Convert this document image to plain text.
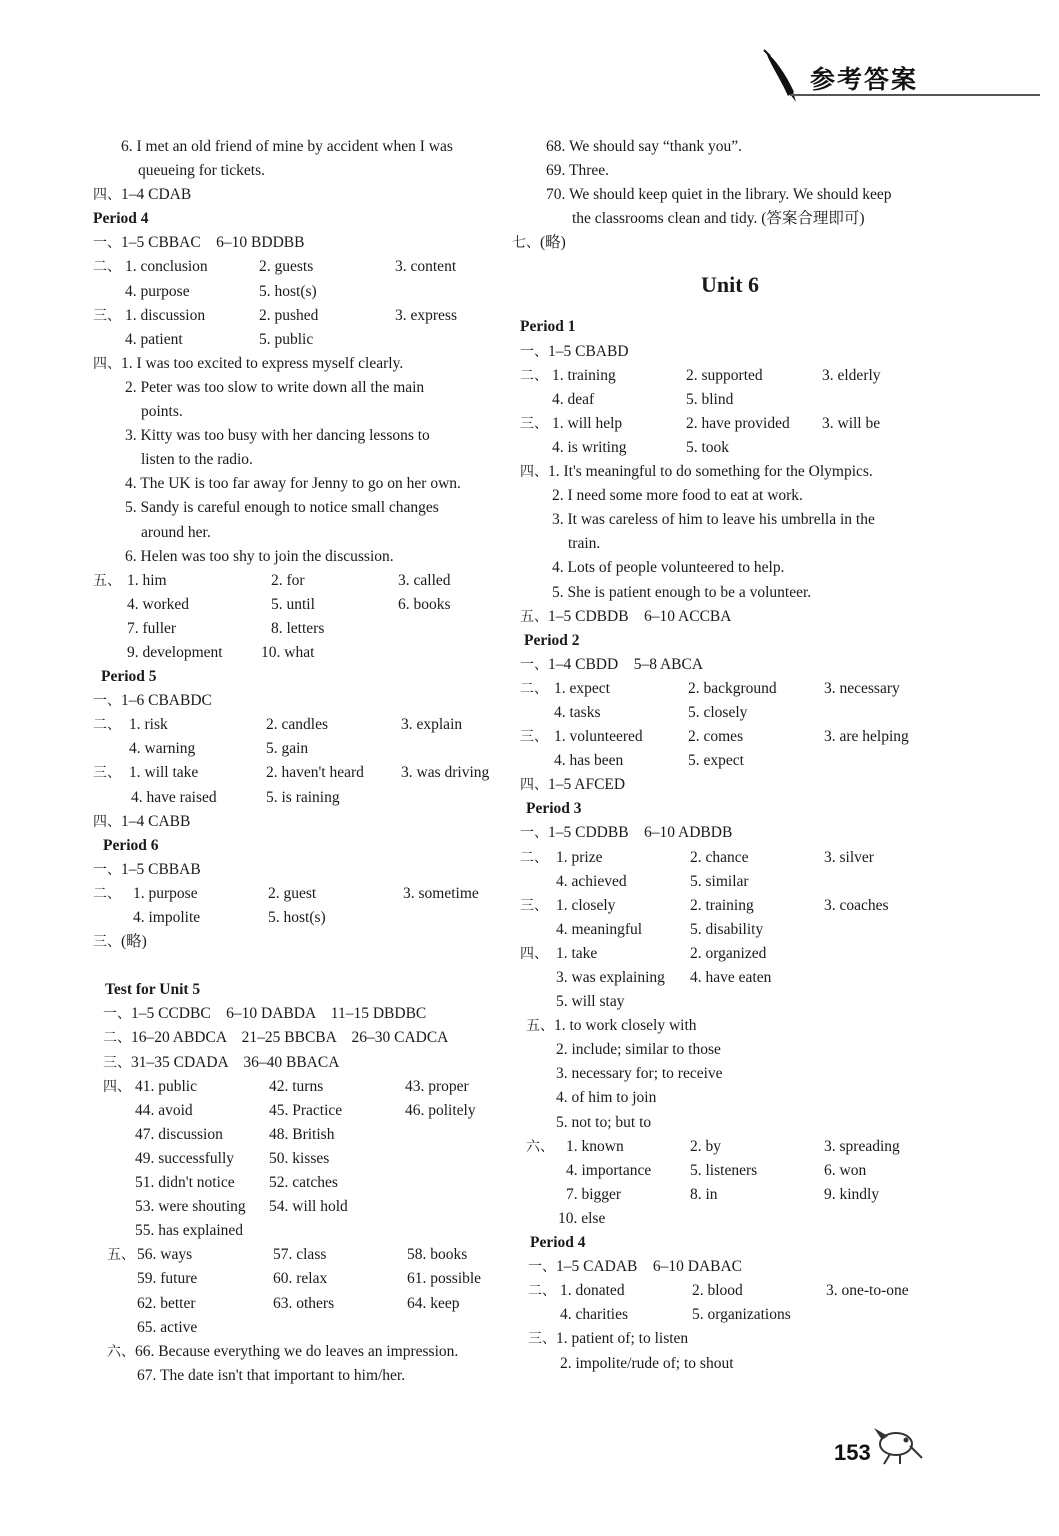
参考答案
6. I met an old friend of mine by accident when I was
queueing for tickets.
四、1–4 CDAB
Period 4
一、1–5 CBBAC    6–10 BDDBB
二、 1. conclusion	2. guests	3. content
4. purpose	5. host(s)
三、 1. discussion	2. pushed	3. express
4. patient	5. public
四、1. I was too excited to express myself clearly.
2. Peter was too slow to write down all the main
points.
3. Kitty was too busy with her dancing lessons to
listen to the radio.
4. The UK is too far away for Jenny to go on her own.
5. Sandy is careful enough to notice small changes
around her.
6. Helen was too shy to join the discussion.
五、 1. him	2. for	3. called
4. worked	5. until	6. books
7. fuller	8. letters
9. development 10. what
Period 5
一、1–6 CBABDC
二、 1. risk	2. candles	3. explain
4. warning	5. gain
三、 1. will take	2. haven't heard 3. was driving
4. have raised	5. is raining
四、1–4 CABB
Period 6
一、1–5 CBBAB
二、 1. purpose	2. guest	3. sometime
4. impolite	5. host(s)
三、(略)
Test for Unit 5
一、1–5 CCDBC    6–10 DABDA    11–15 DBDBC
二、16–20 ABDCA    21–25 BBCBA    26–30 CADCA
三、31–35 CDADA    36–40 BBACA
四、 41. public	42. turns	43. proper
44. avoid	45. Practice	46. politely
47. discussion	48. British
49. successfully 50. kisses
51. didn't notice 52. catches
53. were shouting 54. will hold
55. has explained
五、 56. ways	57. class	58. books
59. future	60. relax	61. possible
62. better	63. others	64. keep
65. active
六、66. Because everything we do leaves an impression.
67. The date isn't that important to him/her.
68. We should say “thank you”.
69. Three.
70. We should keep quiet in the library. We should keep
the classrooms clean and tidy. (答案合理即可)
七、(略)
Unit 6
Period 1
一、1–5 CBABD
二、 1. training	2. supported	3. elderly
4. deaf	5. blind
三、 1. will help	2. have provided 3. will be
4. is writing	5. took
四、1. It's meaningful to do something for the Olympics.
2. I need some more food to eat at work.
3. It was careless of him to leave his umbrella in the
train.
4. Lots of people volunteered to help.
5. She is patient enough to be a volunteer.
五、1–5 CDBDB    6–10 ACCBA
Period 2
一、1–4 CBDD    5–8 ABCA
二、 1. expect	2. background	3. necessary
4. tasks	5. closely
三、 1. volunteered	2. comes	3. are helping
4. has been	5. expect
四、1–5 AFCED
Period 3
一、1–5 CDDBB    6–10 ADBDB
二、 1. prize	2. chance	3. silver
4. achieved	5. similar
三、 1. closely	2. training	3. coaches
4. meaningful	5. disability
四、 1. take	2. organized
3. was explaining 4. have eaten
5. will stay
五、1. to work closely with
2. include; similar to those
3. necessary for; to receive
4. of him to join
5. not to; but to
六、 1. known	2. by	3. spreading
4. importance	5. listeners	6. won
7. bigger	8. in	9. kindly
10. else
Period 4
一、1–5 CADAB    6–10 DABAC
二、 1. donated	2. blood	3. one-to-one
4. charities	5. organizations
三、1. patient of; to listen
2. impolite/rude of; to shout
153
